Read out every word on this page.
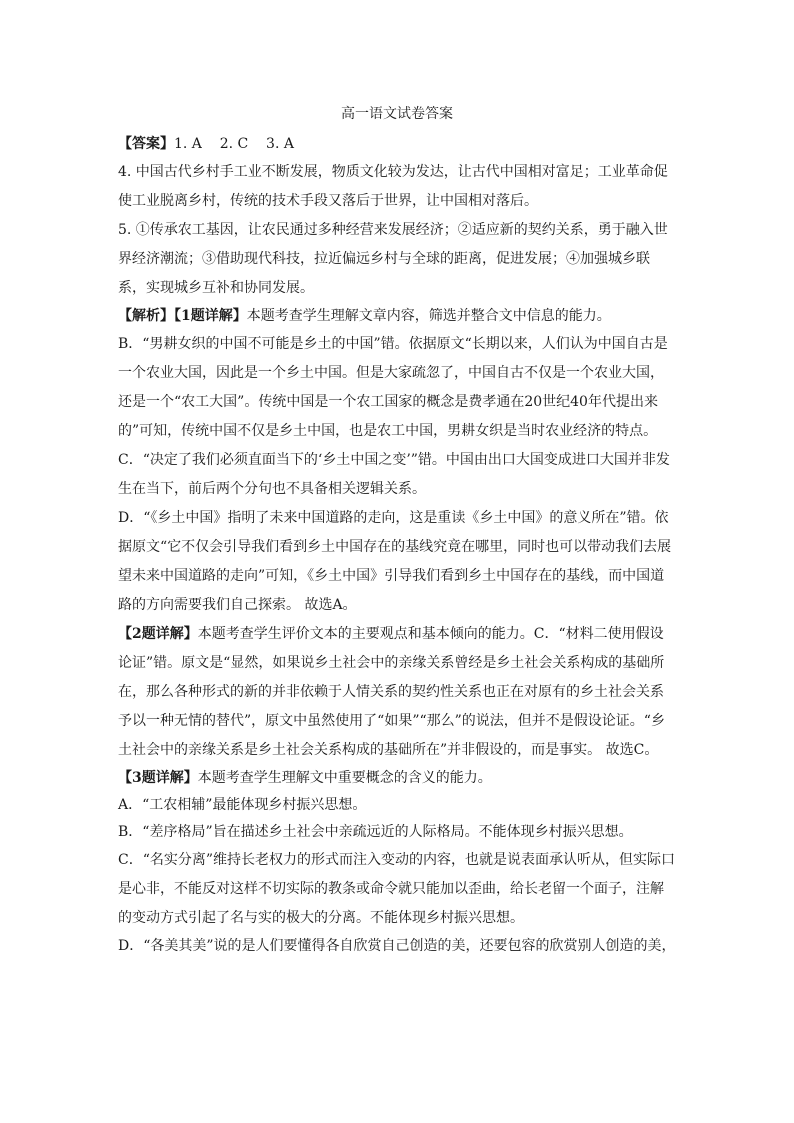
高一语文试卷答案

【答案】1. A    2. C    3. A

4. 中国古代乡村手工业不断发展，物质文化较为发达，让古代中国相对富足；工业革命促使工业脱离乡村，传统的技术手段又落后于世界，让中国相对落后。

5. ①传承农工基因，让农民通过多种经营来发展经济；②适应新的契约关系，勇于融入世界经济潮流；③借助现代科技，拉近偏远乡村与全球的距离，促进发展；④加强城乡联系，实现城乡互补和协同发展。

【解析】【1题详解】本题考查学生理解文章内容，筛选并整合文中信息的能力。

B．“男耕女织的中国不可能是乡土的中国”错。依据原文“长期以来，人们认为中国自古是一个农业大国，因此是一个乡土中国。但是大家疏忽了，中国自古不仅是一个农业大国，还是一个“农工大国”。传统中国是一个农工国家的概念是费孝通在20世纪40年代提出来的”可知，传统中国不仅是乡土中国，也是农工中国，男耕女织是当时农业经济的特点。

C．“决定了我们必须直面当下的‘乡土中国之变’”错。中国由出口大国变成进口大国并非发生在当下，前后两个分句也不具备相关逻辑关系。

D．“《乡土中国》指明了未来中国道路的走向，这是重读《乡土中国》的意义所在”错。依据原文“它不仅会引导我们看到乡土中国存在的基线究竟在哪里，同时也可以带动我们去展望未来中国道路的走向”可知，《乡土中国》引导我们看到乡土中国存在的基线，而中国道路的方向需要我们自己探索。 故选A。

【2题详解】本题考查学生评价文本的主要观点和基本倾向的能力。C．“材料二使用假设论证”错。原文是“显然，如果说乡土社会中的亲缘关系曾经是乡土社会关系构成的基础所在，那么各种形式的新的并非依赖于人情关系的契约性关系也正在对原有的乡土社会关系予以一种无情的替代”，原文中虽然使用了“如果”“那么”的说法，但并不是假设论证。“乡土社会中的亲缘关系是乡土社会关系构成的基础所在”并非假设的，而是事实。 故选C。

【3题详解】本题考查学生理解文中重要概念的含义的能力。

A．“工农相辅”最能体现乡村振兴思想。

B．“差序格局”旨在描述乡土社会中亲疏远近的人际格局。不能体现乡村振兴思想。

C．“名实分离”维持长老权力的形式而注入变动的内容，也就是说表面承认听从，但实际口是心非，不能反对这样不切实际的教条或命令就只能加以歪曲，给长老留一个面子，注解的变动方式引起了名与实的极大的分离。不能体现乡村振兴思想。

D．“各美其美”说的是人们要懂得各自欣赏自己创造的美，还要包容的欣赏别人创造的美，
